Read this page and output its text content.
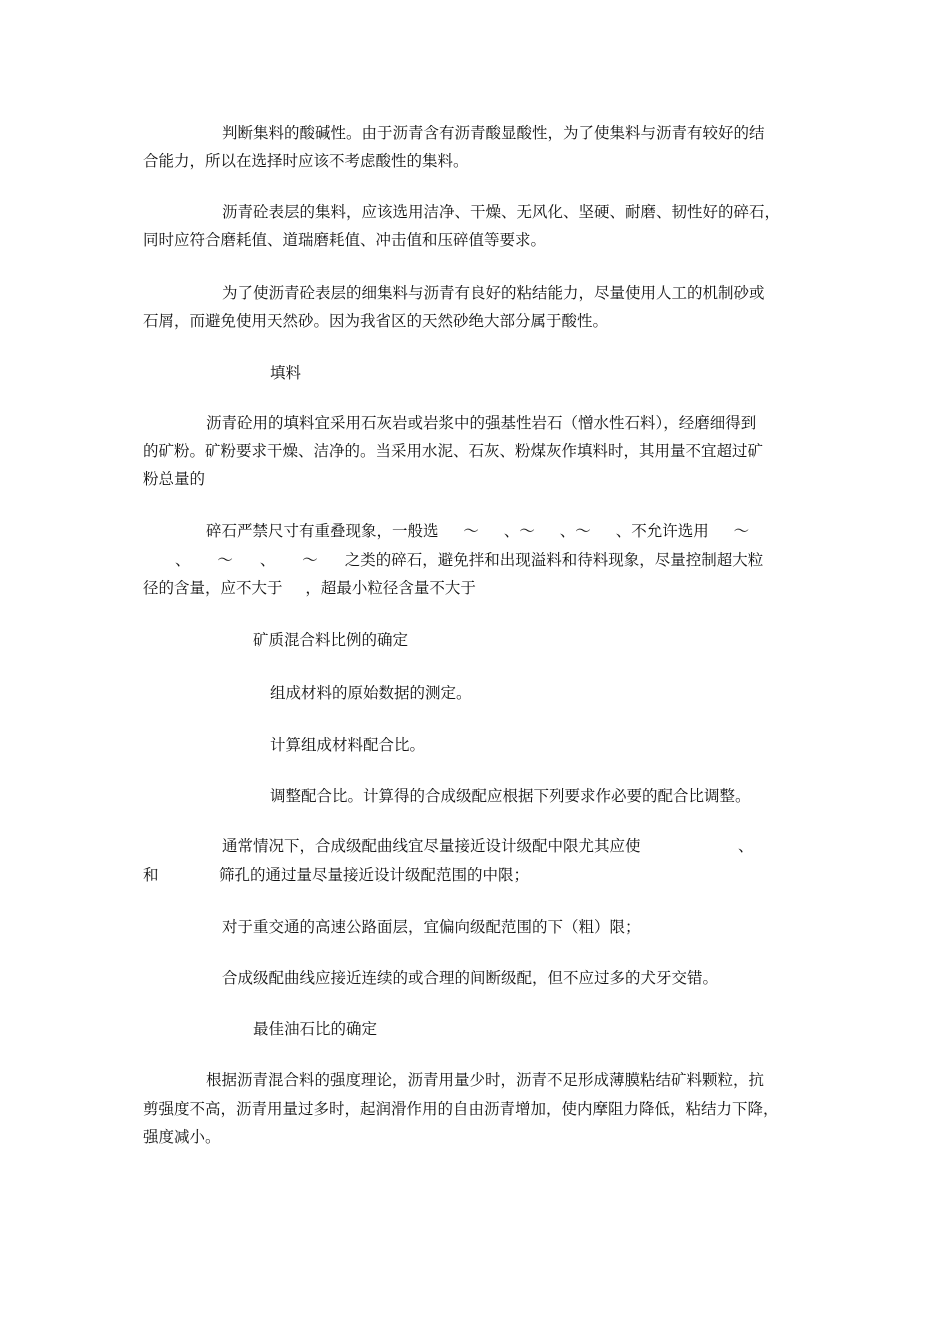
判断集料的酸碱性。由于沥青含有沥青酸显酸性，为了使集料与沥青有较好的结
合能力，所以在选择时应该不考虑酸性的集料。
沥青砼表层的集料，应该选用洁净、干燥、无风化、坚硬、耐磨、韧性好的碎石，
同时应符合磨耗值、道瑞磨耗值、冲击值和压碎值等要求。
为了使沥青砼表层的细集料与沥青有良好的粘结能力，尽量使用人工的机制砂或
石屑，而避免使用天然砂。因为我省区的天然砂绝大部分属于酸性。
填料
沥青砼用的填料宜采用石灰岩或岩浆中的强基性岩石（憎水性石料），经磨细得到
的矿粉。矿粉要求干燥、洁净的。当采用水泥、石灰、粉煤灰作填料时，其用量不宜超过矿
粉总量的
碎石严禁尺寸有重叠现象，一般选 ～ 、～ 、～ 、不允许选用 ～
、 ～ 、 ～ 之类的碎石，避免拌和出现溢料和待料现象，尽量控制超大粒
径的含量，应不大于 ，超最小粒径含量不大于
矿质混合料比例的确定
组成材料的原始数据的测定。
计算组成材料配合比。
调整配合比。计算得的合成级配应根据下列要求作必要的配合比调整。
通常情况下，合成级配曲线宜尽量接近设计级配中限尤其应使	、
和	筛孔的通过量尽量接近设计级配范围的中限；
对于重交通的高速公路面层，宜偏向级配范围的下（粗）限；
合成级配曲线应接近连续的或合理的间断级配，但不应过多的犬牙交错。
最佳油石比的确定
根据沥青混合料的强度理论，沥青用量少时，沥青不足形成薄膜粘结矿料颗粒，抗
剪强度不高，沥青用量过多时，起润滑作用的自由沥青增加，使内摩阻力降低，粘结力下降，
强度减小。
